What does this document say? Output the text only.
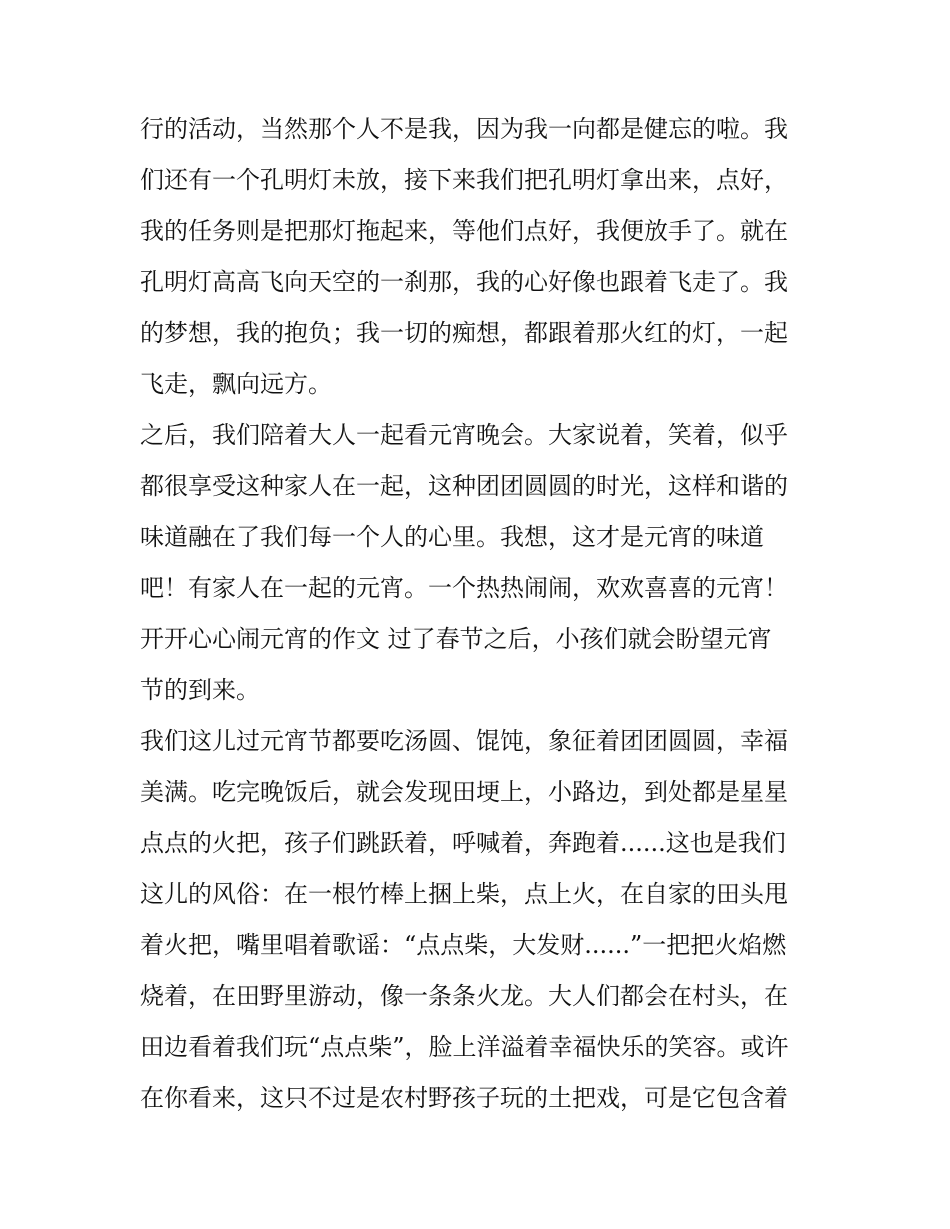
行的活动，当然那个人不是我，因为我一向都是健忘的啦。我
们还有一个孔明灯未放，接下来我们把孔明灯拿出来，点好，
我的任务则是把那灯拖起来，等他们点好，我便放手了。就在
孔明灯高高飞向天空的一刹那，我的心好像也跟着飞走了。我
的梦想，我的抱负；我一切的痴想，都跟着那火红的灯，一起
飞走，飘向远方。
之后，我们陪着大人一起看元宵晚会。大家说着，笑着，似乎
都很享受这种家人在一起，这种团团圆圆的时光，这样和谐的
味道融在了我们每一个人的心里。我想，这才是元宵的味道
吧！有家人在一起的元宵。一个热热闹闹，欢欢喜喜的元宵！
开开心心闹元宵的作文 过了春节之后，小孩们就会盼望元宵
节的到来。
我们这儿过元宵节都要吃汤圆、馄饨，象征着团团圆圆，幸福
美满。吃完晚饭后，就会发现田埂上，小路边，到处都是星星
点点的火把，孩子们跳跃着，呼喊着，奔跑着......这也是我们
这儿的风俗：在一根竹棒上捆上柴，点上火，在自家的田头甩
着火把，嘴里唱着歌谣：“点点柴，大发财......”一把把火焰燃
烧着，在田野里游动，像一条条火龙。大人们都会在村头，在
田边看着我们玩“点点柴”，脸上洋溢着幸福快乐的笑容。或许
在你看来，这只不过是农村野孩子玩的土把戏，可是它包含着
